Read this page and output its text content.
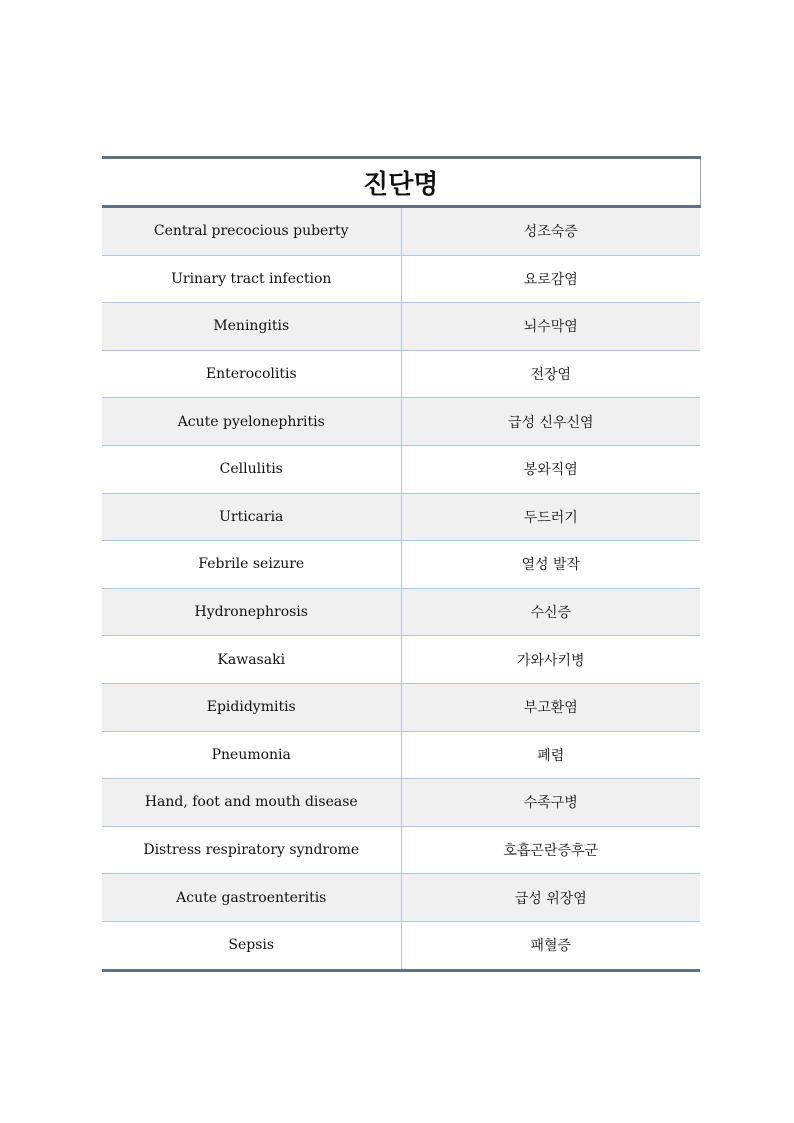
진단명	
Central precocious puberty	성조숙증
Urinary tract infection	요로감염
Meningitis	뇌수막염
Enterocolitis	전장염
Acute pyelonephritis	급성 신우신염
Cellulitis	봉와직염
Urticaria	두드러기
Febrile seizure	열성 발작
Hydronephrosis	수신증
Kawasaki	가와사키병
Epididymitis	부고환염
Pneumonia	폐렴
Hand, foot and mouth disease	수족구병
Distress respiratory syndrome	호흡곤란증후군
Acute gastroenteritis	급성 위장염
Sepsis	패혈증
